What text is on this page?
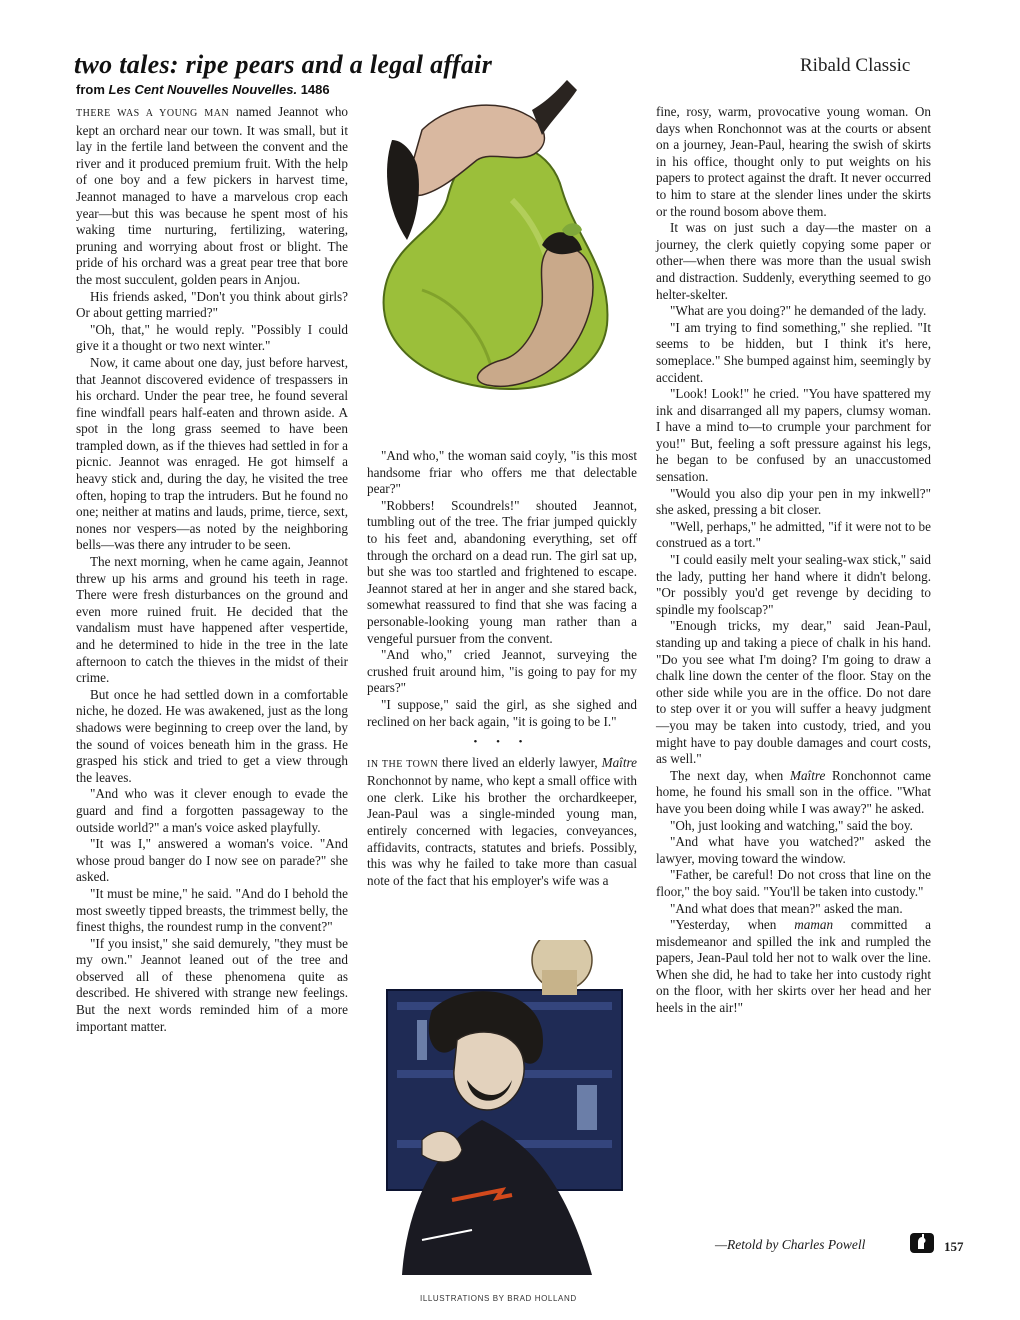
two tales: ripe pears and a legal affair	Ribald Classic
from Les Cent Nouvelles Nouvelles. 1486

THERE WAS A YOUNG MAN named Jeannot who kept an orchard near our town. It was small, but it lay in the fertile land between the convent and the river and it produced premium fruit. With the help of one boy and a few pickers in harvest time, Jeannot managed to have a marvelous crop each year—but this was because he spent most of his waking time nurturing, fertilizing, watering, pruning and worrying about frost or blight. The pride of his orchard was a great pear tree that bore the most succulent, golden pears in Anjou.

His friends asked, "Don't you think about girls? Or about getting married?"

"Oh, that," he would reply. "Possibly I could give it a thought or two next winter."

Now, it came about one day, just before harvest, that Jeannot discovered evidence of trespassers in his orchard. Under the pear tree, he found several fine windfall pears half-eaten and thrown aside. A spot in the long grass seemed to have been trampled down, as if the thieves had settled in for a picnic. Jeannot was enraged. He got himself a heavy stick and, during the day, he visited the tree often, hoping to trap the intruders. But he found no one; neither at matins and lauds, prime, tierce, sext, nones nor vespers—as noted by the neighboring bells—was there any intruder to be seen.

The next morning, when he came again, Jeannot threw up his arms and ground his teeth in rage. There were fresh disturbances on the ground and even more ruined fruit. He decided that the vandalism must have happened after vespertide, and he determined to hide in the tree in the late afternoon to catch the thieves in the midst of their crime.

But once he had settled down in a comfortable niche, he dozed. He was awakened, just as the long shadows were beginning to creep over the land, by the sound of voices beneath him in the grass. He grasped his stick and tried to get a view through the leaves.

"And who was it clever enough to evade the guard and find a forgotten passageway to the outside world?" a man's voice asked playfully.

"It was I," answered a woman's voice. "And whose proud banger do I now see on parade?" she asked.

"It must be mine," he said. "And do I behold the most sweetly tipped breasts, the trimmest belly, the finest thighs, the roundest rump in the convent?"

"If you insist," she said demurely, "they must be my own." Jeannot leaned out of the tree and observed all of these phenomena quite as described. He shivered with strange new feelings. But the next words reminded him of a more important matter.

"And who," the woman said coyly, "is this most handsome friar who offers me that delectable pear?"

"Robbers! Scoundrels!" shouted Jeannot, tumbling out of the tree. The friar jumped quickly to his feet and, abandoning everything, set off through the orchard on a dead run. The girl sat up, but she was too startled and frightened to escape. Jeannot stared at her in anger and she stared back, somewhat reassured to find that she was facing a personable-looking young man rather than a vengeful pursuer from the convent.

"And who," cried Jeannot, surveying the crushed fruit around him, "is going to pay for my pears?"

"I suppose," said the girl, as she sighed and reclined on her back again, "it is going to be I."

• • •

IN THE TOWN there lived an elderly lawyer, Maître Ronchonnot by name, who kept a small office with one clerk. Like his brother the orchardkeeper, Jean-Paul was a single-minded young man, entirely concerned with legacies, conveyances, affidavits, contracts, statutes and briefs. Possibly, this was why he failed to take more than casual note of the fact that his employer's wife was a

ILLUSTRATIONS BY BRAD HOLLAND

fine, rosy, warm, provocative young woman. On days when Ronchonnot was at the courts or absent on a journey, Jean-Paul, hearing the swish of skirts in his office, thought only to put weights on his papers to protect against the draft. It never occurred to him to stare at the slender lines under the skirts or the round bosom above them.

It was on just such a day—the master on a journey, the clerk quietly copying some paper or other—when there was more than the usual swish and distraction. Suddenly, everything seemed to go helter-skelter.

"What are you doing?" he demanded of the lady.

"I am trying to find something," she replied. "It seems to be hidden, but I think it's here, someplace." She bumped against him, seemingly by accident.

"Look! Look!" he cried. "You have spattered my ink and disarranged all my papers, clumsy woman. I have a mind to—to crumple your parchment for you!" But, feeling a soft pressure against his legs, he began to be confused by an unaccustomed sensation.

"Would you also dip your pen in my inkwell?" she asked, pressing a bit closer.

"Well, perhaps," he admitted, "if it were not to be construed as a tort."

"I could easily melt your sealing-wax stick," said the lady, putting her hand where it didn't belong. "Or possibly you'd get revenge by deciding to spindle my foolscap?"

"Enough tricks, my dear," said Jean-Paul, standing up and taking a piece of chalk in his hand. "Do you see what I'm doing? I'm going to draw a chalk line down the center of the floor. Stay on the other side while you are in the office. Do not dare to step over it or you will suffer a heavy judgment—you may be taken into custody, tried, and you might have to pay double damages and court costs, as well."

The next day, when Maître Ronchonnot came home, he found his small son in the office. "What have you been doing while I was away?" he asked.

"Oh, just looking and watching," said the boy.

"And what have you watched?" asked the lawyer, moving toward the window.

"Father, be careful! Do not cross that line on the floor," the boy said. "You'll be taken into custody."

"And what does that mean?" asked the man.

"Yesterday, when maman committed a misdemeanor and spilled the ink and rumpled the papers, Jean-Paul told her not to walk over the line. When she did, he had to take her into custody right on the floor, with her skirts over her head and her heels in the air!"

—Retold by Charles Powell	157
